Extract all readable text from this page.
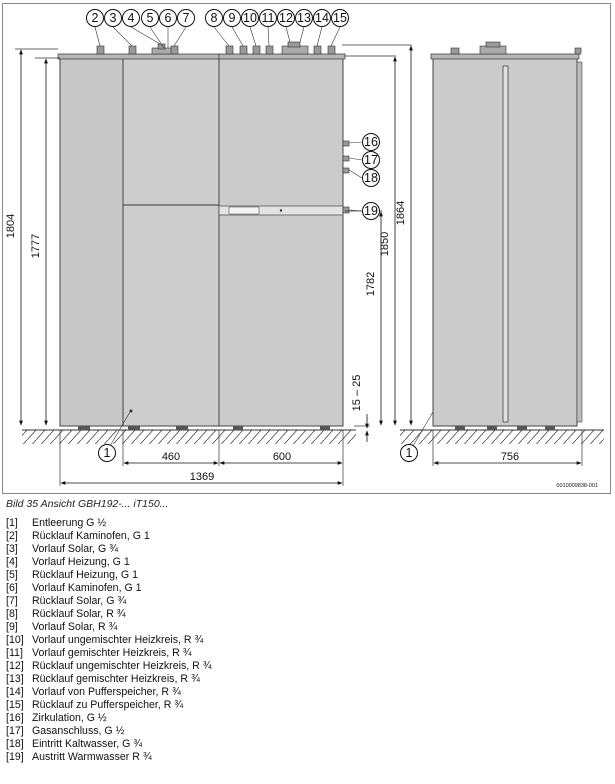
1804
1777	1850
1864
1782
15 – 25
460	600
1369
756
0010009838-001
2 3 4 5 6 7 8 9 10 11 12 13 14 15
16
17
18
19
1	1
Bild 35 Ansicht GBH192-... iT150...
[1] Entleerung G ½
[2] Rücklauf Kaminofen, G 1
[3] Vorlauf Solar, G ¾
[4] Vorlauf Heizung, G 1
[5] Rücklauf Heizung, G 1
[6] Vorlauf Kaminofen, G 1
[7] Rücklauf Solar, G ¾
[8] Rücklauf Solar, R ¾
[9] Vorlauf Solar, R ¾
[10] Vorlauf ungemischter Heizkreis, R ¾
[11] Vorlauf gemischter Heizkreis, R ¾
[12] Rücklauf ungemischter Heizkreis, R ¾
[13] Rücklauf gemischter Heizkreis, R ¾
[14] Vorlauf von Pufferspeicher, R ¾
[15] Rücklauf zu Pufferspeicher, R ¾
[16] Zirkulation, G ½
[17] Gasanschluss, G ½
[18] Eintritt Kaltwasser, G ¾
[19] Austritt Warmwasser R ¾
